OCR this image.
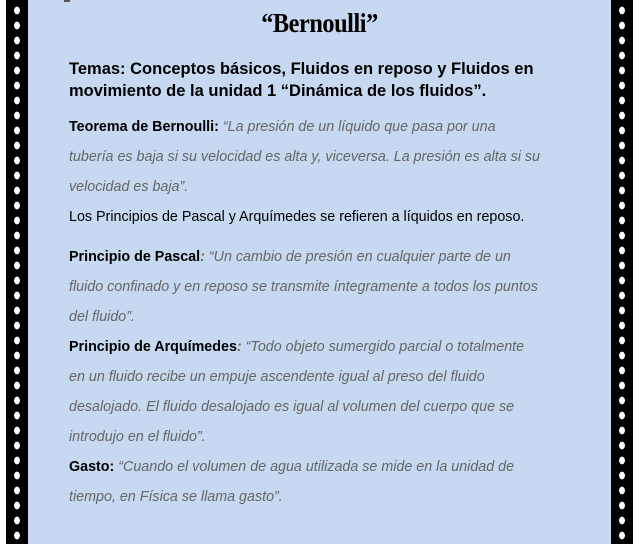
“Bernoulli”

Temas: Conceptos básicos, Fluidos en reposo y Fluidos en
movimiento de la unidad 1 “Dinámica de los fluidos”.

Teorema de Bernoulli: “La presión de un líquido que pasa por una
tubería es baja si su velocidad es alta y, viceversa. La presión es alta si su
velocidad es baja”.
Los Principios de Pascal y Arquímedes se refieren a líquidos en reposo.

Principio de Pascal: “Un cambio de presión en cualquier parte de un
fluido confinado y en reposo se transmite íntegramente a todos los puntos
del fluido”.
Principio de Arquímedes: “Todo objeto sumergido parcial o totalmente
en un fluido recibe un empuje ascendente igual al preso del fluido
desalojado. El fluido desalojado es igual al volumen del cuerpo que se
introdujo en el fluido”.
Gasto: “Cuando el volumen de agua utilizada se mide en la unidad de
tiempo, en Física se llama gasto”.
